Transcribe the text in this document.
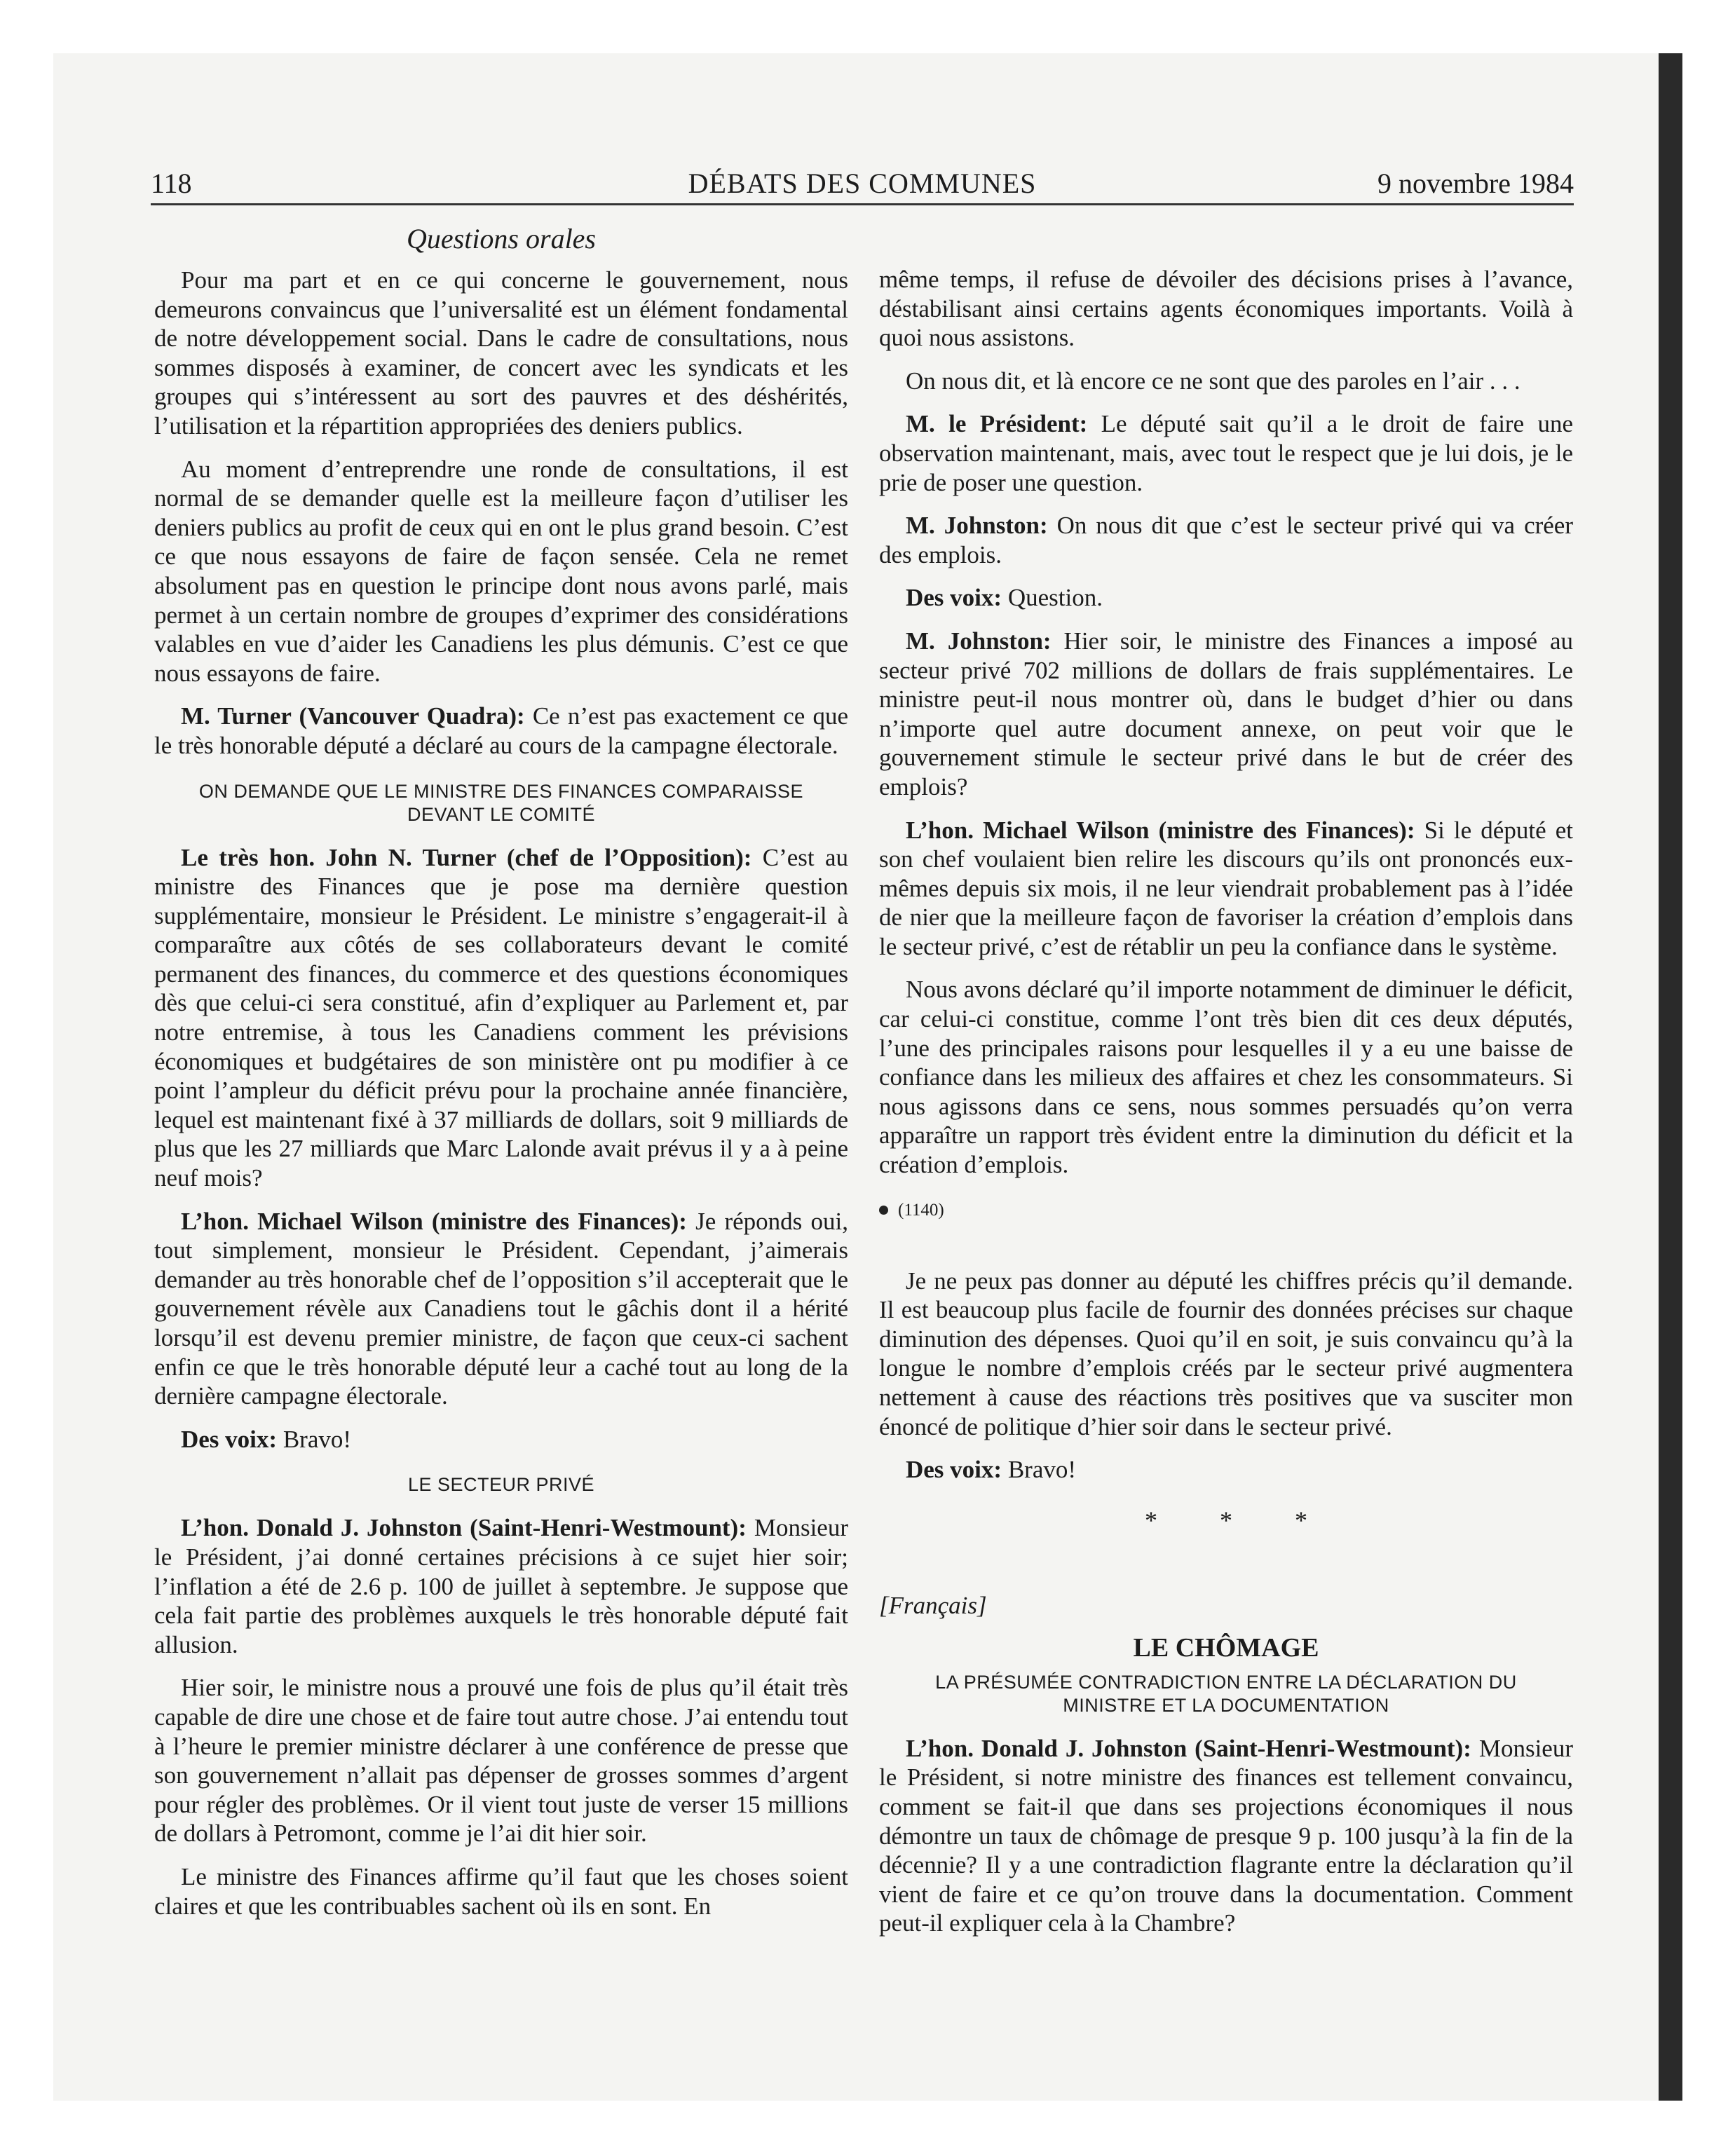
118	DÉBATS DES COMMUNES	9 novembre 1984
Questions orales

Pour ma part et en ce qui concerne le gouvernement, nous demeurons convaincus que l’universalité est un élément fondamental de notre développement social. Dans le cadre de consultations, nous sommes disposés à examiner, de concert avec les syndicats et les groupes qui s’intéressent au sort des pauvres et des déshérités, l’utilisation et la répartition appropriées des deniers publics.

Au moment d’entreprendre une ronde de consultations, il est normal de se demander quelle est la meilleure façon d’utiliser les deniers publics au profit de ceux qui en ont le plus grand besoin. C’est ce que nous essayons de faire de façon sensée. Cela ne remet absolument pas en question le principe dont nous avons parlé, mais permet à un certain nombre de groupes d’exprimer des considérations valables en vue d’aider les Canadiens les plus démunis. C’est ce que nous essayons de faire.

M. Turner (Vancouver Quadra): Ce n’est pas exactement ce que le très honorable député a déclaré au cours de la campagne électorale.

ON DEMANDE QUE LE MINISTRE DES FINANCES COMPARAISSE DEVANT LE COMITÉ

Le très hon. John N. Turner (chef de l’Opposition): C’est au ministre des Finances que je pose ma dernière question supplémentaire, monsieur le Président. Le ministre s’engagerait-il à comparaître aux côtés de ses collaborateurs devant le comité permanent des finances, du commerce et des questions économiques dès que celui-ci sera constitué, afin d’expliquer au Parlement et, par notre entremise, à tous les Canadiens comment les prévisions économiques et budgétaires de son ministère ont pu modifier à ce point l’ampleur du déficit prévu pour la prochaine année financière, lequel est maintenant fixé à 37 milliards de dollars, soit 9 milliards de plus que les 27 milliards que Marc Lalonde avait prévus il y a à peine neuf mois?

L’hon. Michael Wilson (ministre des Finances): Je réponds oui, tout simplement, monsieur le Président. Cependant, j’aimerais demander au très honorable chef de l’opposition s’il accepterait que le gouvernement révèle aux Canadiens tout le gâchis dont il a hérité lorsqu’il est devenu premier ministre, de façon que ceux-ci sachent enfin ce que le très honorable député leur a caché tout au long de la dernière campagne électorale.

Des voix: Bravo!

LE SECTEUR PRIVÉ

L’hon. Donald J. Johnston (Saint-Henri-Westmount): Monsieur le Président, j’ai donné certaines précisions à ce sujet hier soir; l’inflation a été de 2.6 p. 100 de juillet à septembre. Je suppose que cela fait partie des problèmes auxquels le très honorable député fait allusion.

Hier soir, le ministre nous a prouvé une fois de plus qu’il était très capable de dire une chose et de faire tout autre chose. J’ai entendu tout à l’heure le premier ministre déclarer à une conférence de presse que son gouvernement n’allait pas dépenser de grosses sommes d’argent pour régler des problèmes. Or il vient tout juste de verser 15 millions de dollars à Petromont, comme je l’ai dit hier soir.

Le ministre des Finances affirme qu’il faut que les choses soient claires et que les contribuables sachent où ils en sont. En

même temps, il refuse de dévoiler des décisions prises à l’avance, déstabilisant ainsi certains agents économiques importants. Voilà à quoi nous assistons.

On nous dit, et là encore ce ne sont que des paroles en l’air . . .

M. le Président: Le député sait qu’il a le droit de faire une observation maintenant, mais, avec tout le respect que je lui dois, je le prie de poser une question.

M. Johnston: On nous dit que c’est le secteur privé qui va créer des emplois.

Des voix: Question.

M. Johnston: Hier soir, le ministre des Finances a imposé au secteur privé 702 millions de dollars de frais supplémentaires. Le ministre peut-il nous montrer où, dans le budget d’hier ou dans n’importe quel autre document annexe, on peut voir que le gouvernement stimule le secteur privé dans le but de créer des emplois?

L’hon. Michael Wilson (ministre des Finances): Si le député et son chef voulaient bien relire les discours qu’ils ont prononcés eux-mêmes depuis six mois, il ne leur viendrait probablement pas à l’idée de nier que la meilleure façon de favoriser la création d’emplois dans le secteur privé, c’est de rétablir un peu la confiance dans le système.

Nous avons déclaré qu’il importe notamment de diminuer le déficit, car celui-ci constitue, comme l’ont très bien dit ces deux députés, l’une des principales raisons pour lesquelles il y a eu une baisse de confiance dans les milieux des affaires et chez les consommateurs. Si nous agissons dans ce sens, nous sommes persuadés qu’on verra apparaître un rapport très évident entre la diminution du déficit et la création d’emplois.

(1140)

Je ne peux pas donner au député les chiffres précis qu’il demande. Il est beaucoup plus facile de fournir des données précises sur chaque diminution des dépenses. Quoi qu’il en soit, je suis convaincu qu’à la longue le nombre d’emplois créés par le secteur privé augmentera nettement à cause des réactions très positives que va susciter mon énoncé de politique d’hier soir dans le secteur privé.

Des voix: Bravo!

* * *
[Français]
LE CHÔMAGE
LA PRÉSUMÉE CONTRADICTION ENTRE LA DÉCLARATION DU MINISTRE ET LA DOCUMENTATION

L’hon. Donald J. Johnston (Saint-Henri-Westmount): Monsieur le Président, si notre ministre des finances est tellement convaincu, comment se fait-il que dans ses projections économiques il nous démontre un taux de chômage de presque 9 p. 100 jusqu’à la fin de la décennie? Il y a une contradiction flagrante entre la déclaration qu’il vient de faire et ce qu’on trouve dans la documentation. Comment peut-il expliquer cela à la Chambre?
